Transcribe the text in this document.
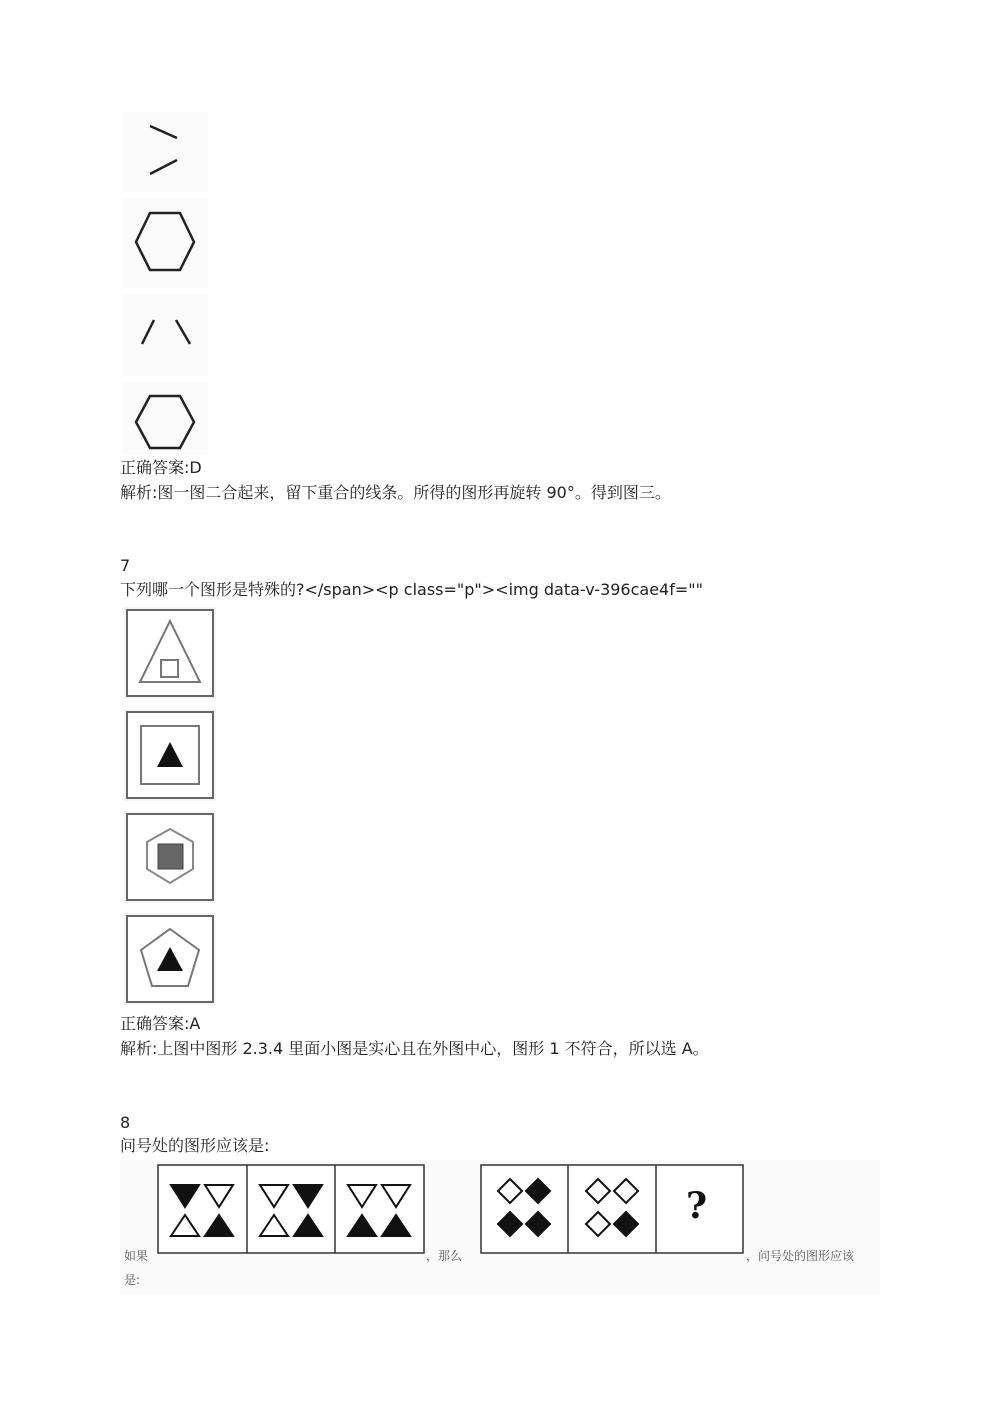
正确答案:D
解析:图一图二合起来，留下重合的线条。所得的图形再旋转 90°。得到图三。
7
下列哪一个图形是特殊的?</span><p class="p"><img data-v-396cae4f=""
正确答案:A
解析:上图中图形 2.3.4 里面小图是实心且在外图中心，图形 1 不符合，所以选 A。
8
问号处的图形应该是:
?
如果
是:
，那么	，问号处的图形应该
